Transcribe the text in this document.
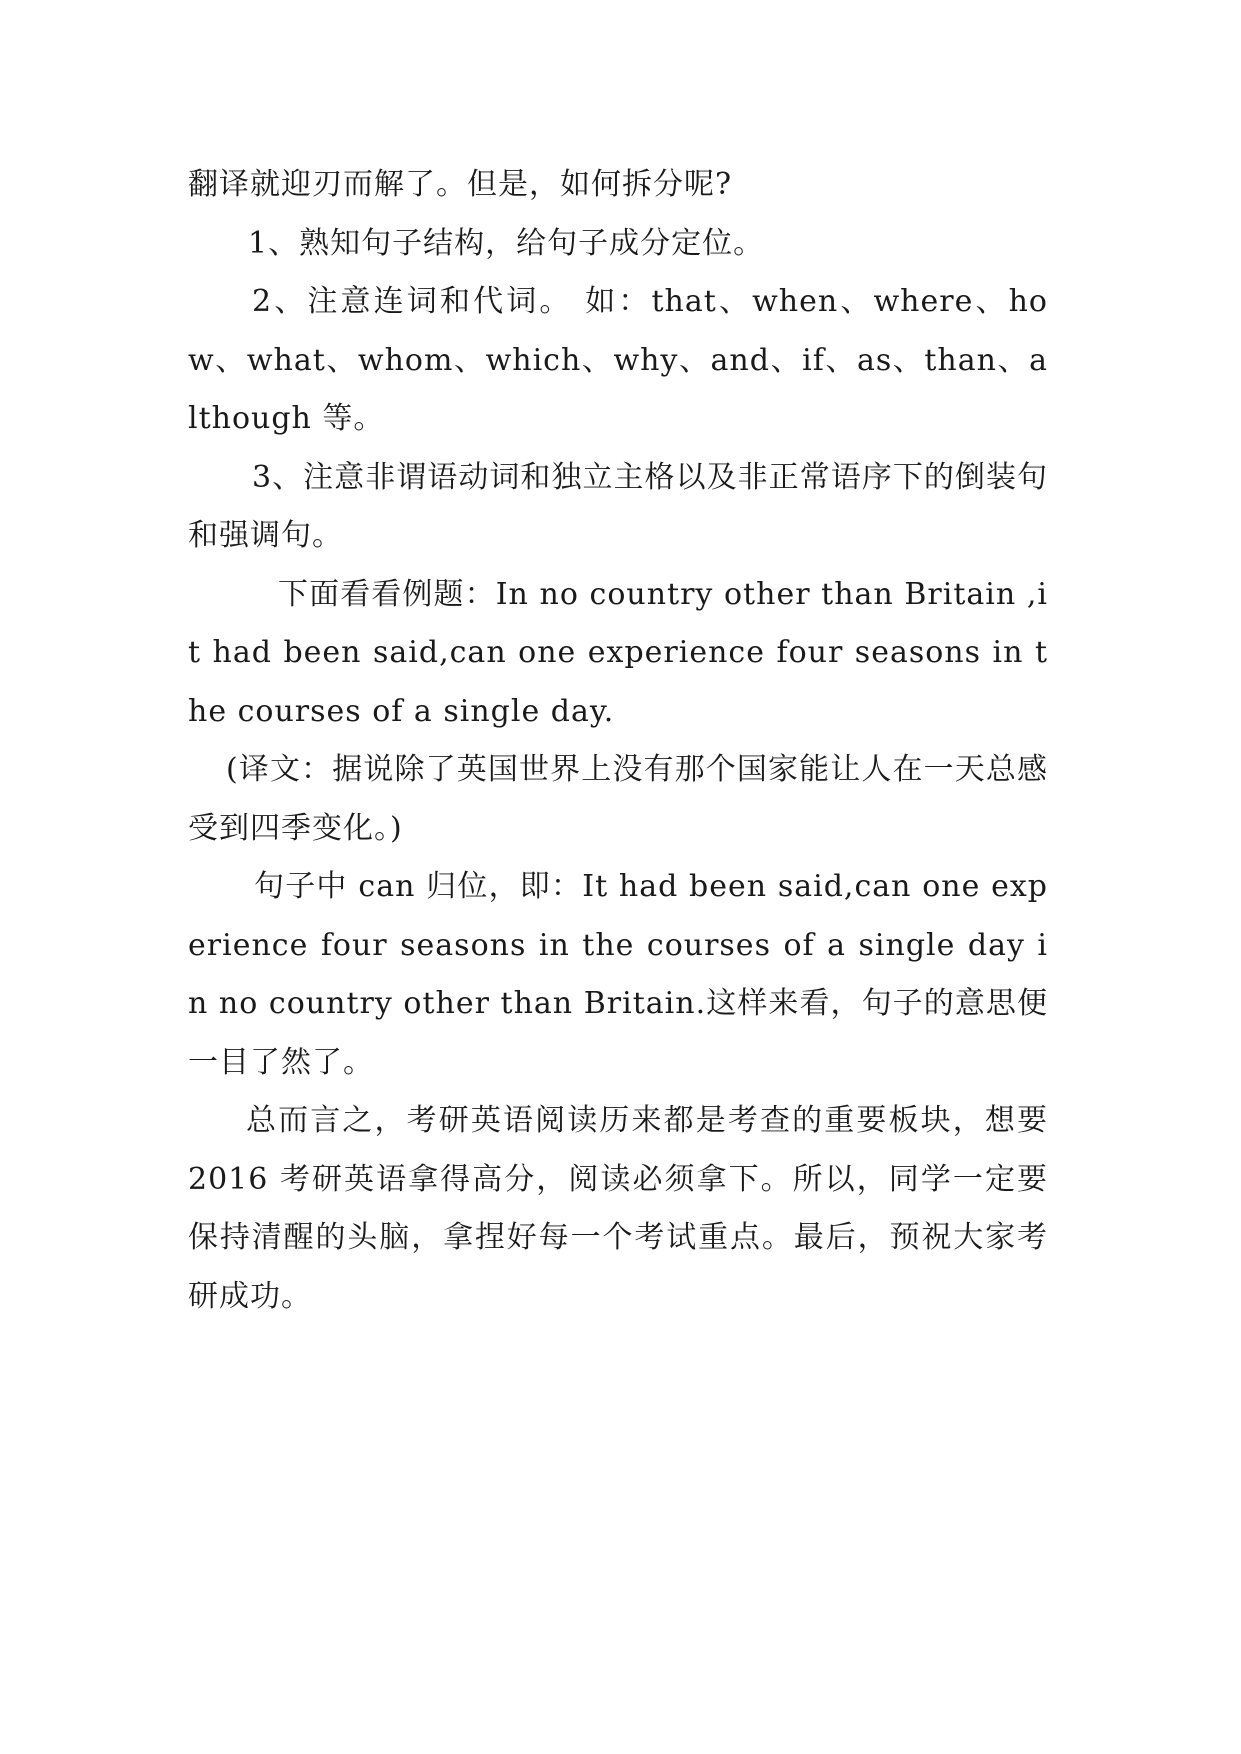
翻译就迎刃而解了。但是，如何拆分呢?

1、熟知句子结构，给句子成分定位。

2、注意连词和代词。 如：that、when、where、how、what、whom、which、why、and、if、as、than、although 等。

3、注意非谓语动词和独立主格以及非正常语序下的倒装句和强调句。

下面看看例题：In no country other than Britain ,it had been said,can one experience four seasons in the courses of a single day.

(译文：据说除了英国世界上没有那个国家能让人在一天总感受到四季变化。)

句子中 can 归位，即：It had been said,can one experience four seasons in the courses of a single day in no country other than Britain.这样来看，句子的意思便一目了然了。

总而言之，考研英语阅读历来都是考查的重要板块，想要 2016 考研英语拿得高分，阅读必须拿下。所以，同学一定要保持清醒的头脑，拿捏好每一个考试重点。最后，预祝大家考研成功。
